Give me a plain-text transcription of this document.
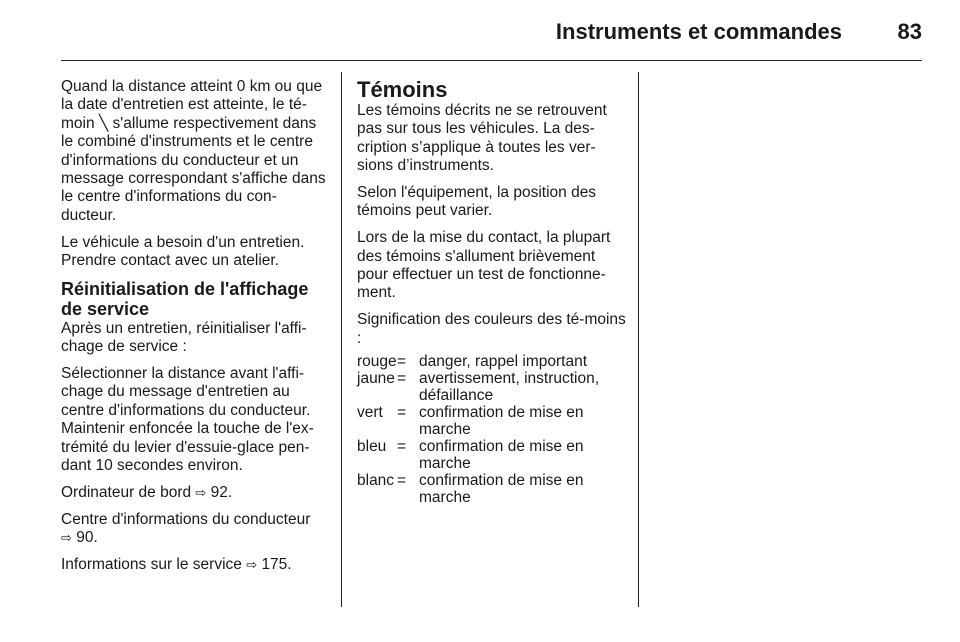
Instruments et commandes	83

Quand la distance atteint 0 km ou que la date d'entretien est atteinte, le té-moin ╲ s'allume respectivement dans le combiné d'instruments et le centre d'informations du conducteur et un message correspondant s'affiche dans le centre d'informations du con-ducteur.

Le véhicule a besoin d'un entretien. Prendre contact avec un atelier.

Réinitialisation de l'affichage de service

Après un entretien, réinitialiser l'affi-chage de service :

Sélectionner la distance avant l'affi-chage du message d'entretien au centre d'informations du conducteur. Maintenir enfoncée la touche de l'ex-trémité du levier d'essuie-glace pen-dant 10 secondes environ.

Ordinateur de bord ⇨ 92.

Centre d'informations du conducteur
⇨ 90.

Informations sur le service ⇨ 175.

Témoins

Les témoins décrits ne se retrouvent pas sur tous les véhicules. La des-cription s’applique à toutes les ver-sions d’instruments.

Selon l'équipement, la position des témoins peut varier.

Lors de la mise du contact, la plupart des témoins s'allument brièvement pour effectuer un test de fonctionne-ment.

Signification des couleurs des té-moins :

rouge = danger, rappel important
jaune = avertissement, instruction, défaillance
vert = confirmation de mise en marche
bleu = confirmation de mise en marche
blanc = confirmation de mise en marche
